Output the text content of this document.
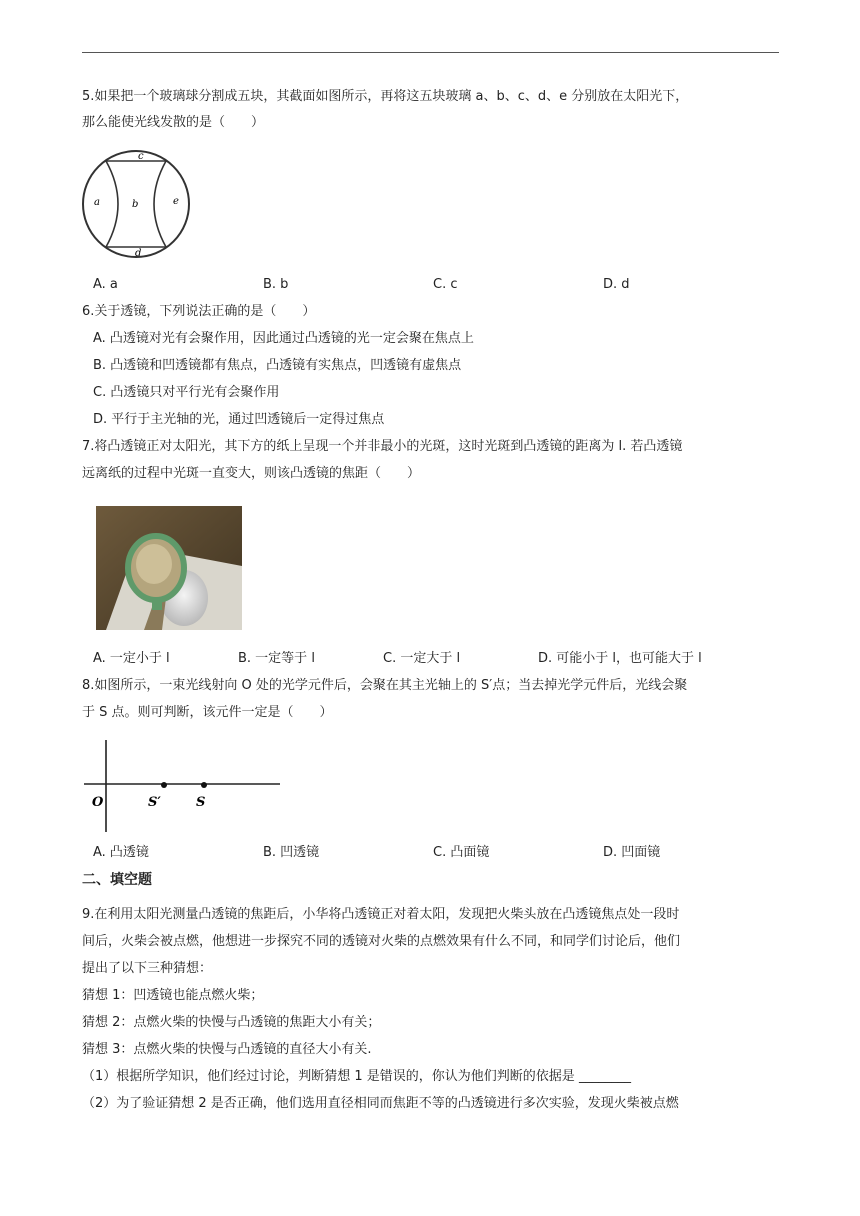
5.如果把一个玻璃球分割成五块，其截面如图所示，再将这五块玻璃 a、b、c、d、e 分别放在太阳光下，
那么能使光线发散的是（　　）
c
a	b	e
d
A. a	B. b	C. c	D. d
6.关于透镜，下列说法正确的是（　　）
A. 凸透镜对光有会聚作用，因此通过凸透镜的光一定会聚在焦点上
B. 凸透镜和凹透镜都有焦点，凸透镜有实焦点，凹透镜有虚焦点
C. 凸透镜只对平行光有会聚作用
D. 平行于主光轴的光，通过凹透镜后一定得过焦点
7.将凸透镜正对太阳光，其下方的纸上呈现一个并非最小的光斑，这时光斑到凸透镜的距离为 l. 若凸透镜
远离纸的过程中光斑一直变大，则该凸透镜的焦距（　　）
A. 一定小于 l	B. 一定等于 l	C. 一定大于 l	D. 可能小于 l，也可能大于 l
8.如图所示，一束光线射向 O 处的光学元件后，会聚在其主光轴上的 S′点；当去掉光学元件后，光线会聚
于 S 点。则可判断，该元件一定是（　　）
O	S′	S
A. 凸透镜	B. 凹透镜	C. 凸面镜	D. 凹面镜
二、填空题
9.在利用太阳光测量凸透镜的焦距后，小华将凸透镜正对着太阳，发现把火柴头放在凸透镜焦点处一段时
间后，火柴会被点燃，他想进一步探究不同的透镜对火柴的点燃效果有什么不同，和同学们讨论后，他们
提出了以下三种猜想：
猜想 1：凹透镜也能点燃火柴；
猜想 2：点燃火柴的快慢与凸透镜的焦距大小有关；
猜想 3：点燃火柴的快慢与凸透镜的直径大小有关.
（1）根据所学知识，他们经过讨论，判断猜想 1 是错误的，你认为他们判断的依据是 ________
（2）为了验证猜想 2 是否正确，他们选用直径相同而焦距不等的凸透镜进行多次实验，发现火柴被点燃
